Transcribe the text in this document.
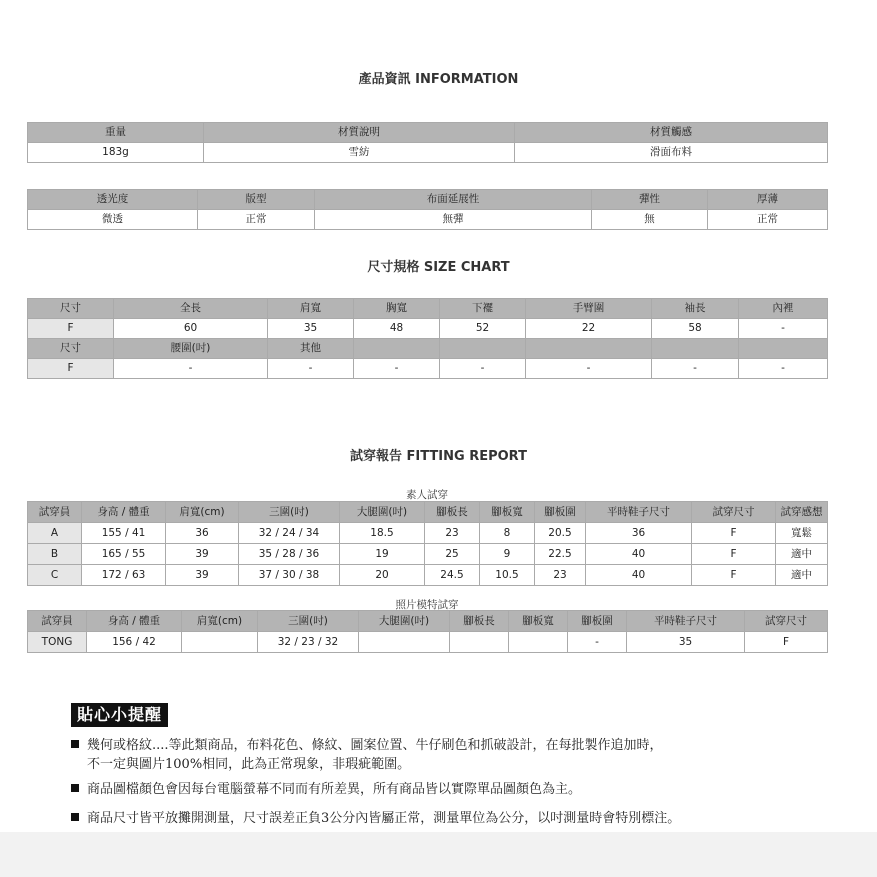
產品資訊 INFORMATION
重量	材質說明	材質觸感
183g	雪紡	滑面布料
透光度	版型	布面延展性	彈性	厚薄
微透	正常	無彈	無	正常
尺寸規格 SIZE CHART
尺寸	全長	肩寬	胸寬	下襬	手臂圍	袖長	內裡
F	60	35	48	52	22	58	-
尺寸	腰圍(吋)	其他					
F	-	-	-	-	-	-	-
試穿報告 FITTING REPORT
素人試穿
試穿員	身高 / 體重	肩寬(cm)	三圍(吋)	大腿圍(吋)	腳板長	腳板寬	腳板圍	平時鞋子尺寸	試穿尺寸	試穿感想
A	155 / 41	36	32 / 24 / 34	18.5	23	8	20.5	36	F	寬鬆
B	165 / 55	39	35 / 28 / 36	19	25	9	22.5	40	F	適中
C	172 / 63	39	37 / 30 / 38	20	24.5	10.5	23	40	F	適中
照片模特試穿
試穿員	身高 / 體重	肩寬(cm)	三圍(吋)	大腿圍(吋)	腳板長	腳板寬	腳板圍	平時鞋子尺寸	試穿尺寸
TONG	156 / 42		32 / 23 / 32				-	35	F
貼心小提醒
幾何或格紋....等此類商品，布料花色、條紋、圖案位置、牛仔刷色和抓破設計，在每批製作追加時，
不一定與圖片100%相同，此為正常現象，非瑕疵範圍。
商品圖檔顏色會因每台電腦螢幕不同而有所差異，所有商品皆以實際單品圖顏色為主。
商品尺寸皆平放攤開測量，尺寸誤差正負3公分內皆屬正常，測量單位為公分，以吋測量時會特別標注。
